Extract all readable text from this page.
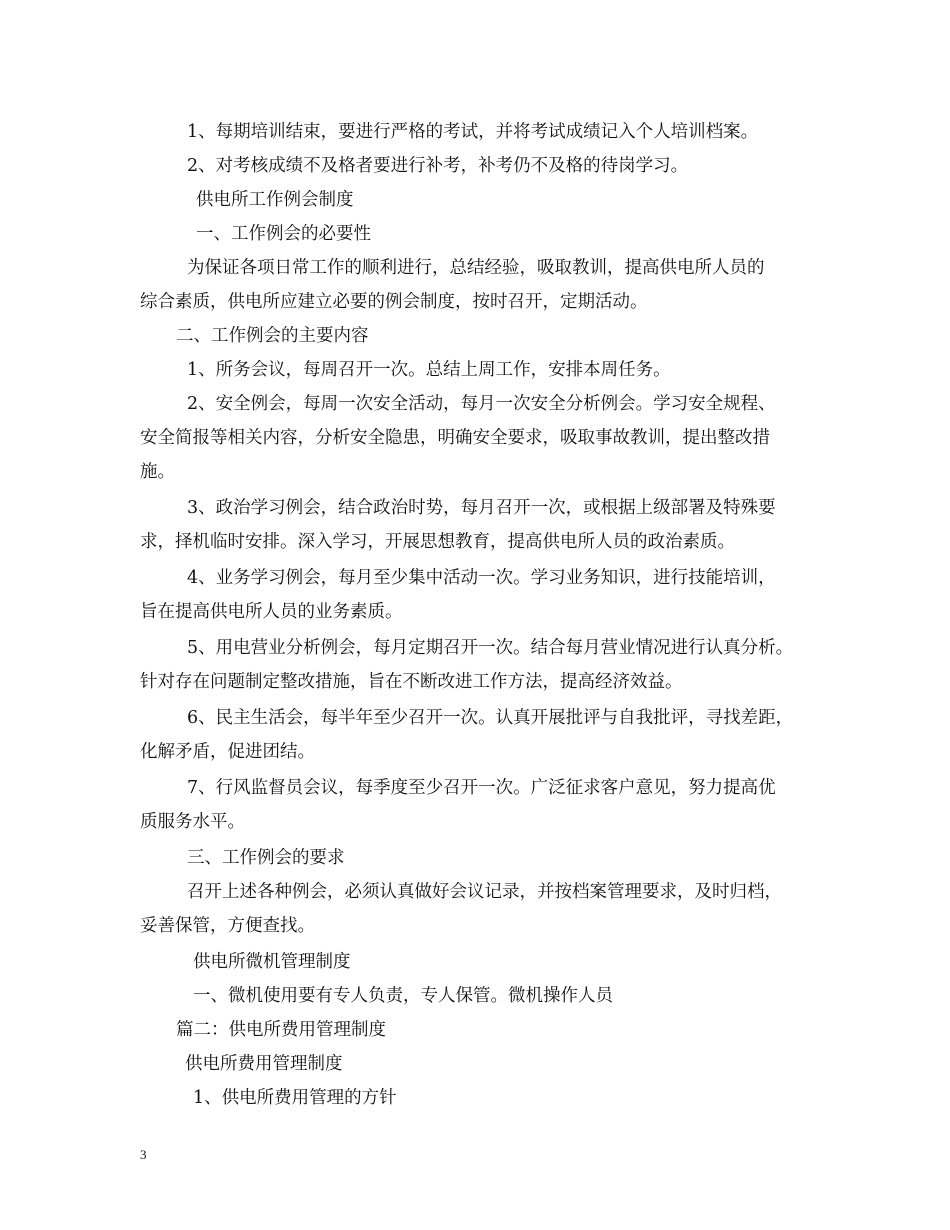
1、每期培训结束，要进行严格的考试，并将考试成绩记入个人培训档案。
2、对考核成绩不及格者要进行补考，补考仍不及格的待岗学习。
供电所工作例会制度
一、工作例会的必要性
为保证各项日常工作的顺利进行，总结经验，吸取教训，提高供电所人员的
综合素质，供电所应建立必要的例会制度，按时召开，定期活动。
二、工作例会的主要内容
1、所务会议，每周召开一次。总结上周工作，安排本周任务。
2、安全例会，每周一次安全活动，每月一次安全分析例会。学习安全规程、
安全简报等相关内容，分析安全隐患，明确安全要求，吸取事故教训，提出整改措
施。
3、政治学习例会，结合政治时势，每月召开一次，或根据上级部署及特殊要
求，择机临时安排。深入学习，开展思想教育，提高供电所人员的政治素质。
4、业务学习例会，每月至少集中活动一次。学习业务知识，进行技能培训，
旨在提高供电所人员的业务素质。
5、用电营业分析例会，每月定期召开一次。结合每月营业情况进行认真分析。
针对存在问题制定整改措施，旨在不断改进工作方法，提高经济效益。
6、民主生活会，每半年至少召开一次。认真开展批评与自我批评，寻找差距，
化解矛盾，促进团结。
7、行风监督员会议，每季度至少召开一次。广泛征求客户意见，努力提高优
质服务水平。
三、工作例会的要求
召开上述各种例会，必须认真做好会议记录，并按档案管理要求，及时归档，
妥善保管，方便查找。
供电所微机管理制度
一、微机使用要有专人负责，专人保管。微机操作人员
篇二：供电所费用管理制度
供电所费用管理制度
1、供电所费用管理的方针
3
